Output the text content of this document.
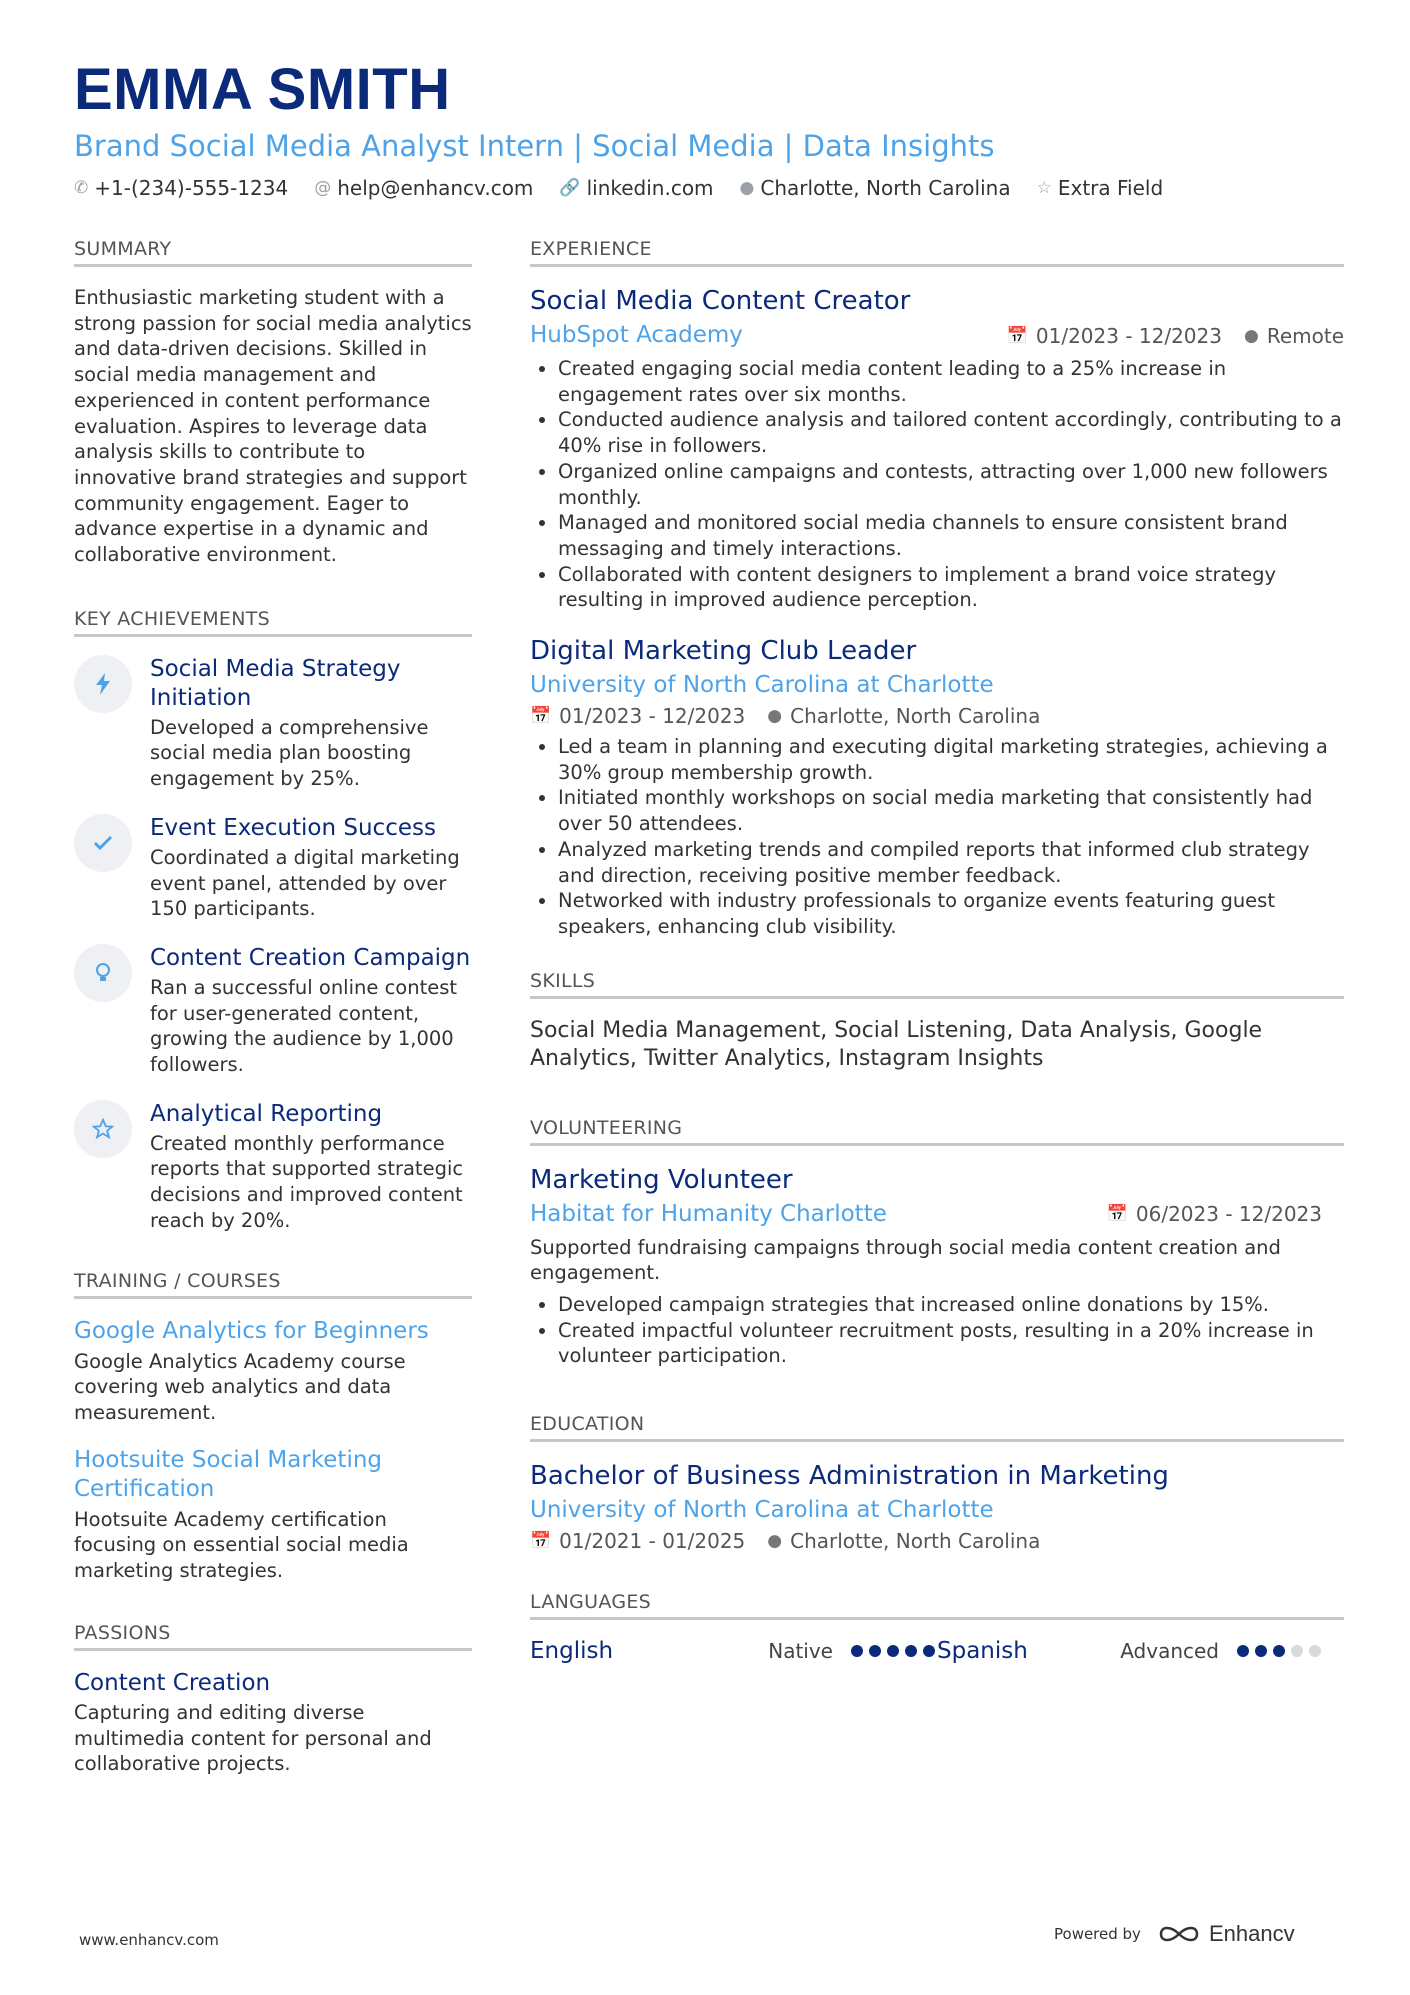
EMMA SMITH
Brand Social Media Analyst Intern | Social Media | Data Insights
✆ +1-(234)-555-1234 @ help@enhancv.com 🔗 linkedin.com ● Charlotte, North Carolina ☆ Extra Field
SUMMARY
Enthusiastic marketing student with a strong passion for social media analytics and data-driven decisions. Skilled in social media management and experienced in content performance evaluation. Aspires to leverage data analysis skills to contribute to innovative brand strategies and support community engagement. Eager to advance expertise in a dynamic and collaborative environment.
KEY ACHIEVEMENTS
Social Media Strategy Initiation
Developed a comprehensive social media plan boosting engagement by 25%.
Event Execution Success
Coordinated a digital marketing event panel, attended by over 150 participants.
Content Creation Campaign
Ran a successful online contest for user-generated content, growing the audience by 1,000 followers.
Analytical Reporting
Created monthly performance reports that supported strategic decisions and improved content reach by 20%.
TRAINING / COURSES
Google Analytics for Beginners
Google Analytics Academy course covering web analytics and data measurement.
Hootsuite Social Marketing Certification
Hootsuite Academy certification focusing on essential social media marketing strategies.
PASSIONS
Content Creation
Capturing and editing diverse multimedia content for personal and collaborative projects.
EXPERIENCE
Social Media Content Creator
HubSpot Academy	📅 01/2023 - 12/2023 ● Remote
• Created engaging social media content leading to a 25% increase in engagement rates over six months.
• Conducted audience analysis and tailored content accordingly, contributing to a 40% rise in followers.
• Organized online campaigns and contests, attracting over 1,000 new followers monthly.
• Managed and monitored social media channels to ensure consistent brand messaging and timely interactions.
• Collaborated with content designers to implement a brand voice strategy resulting in improved audience perception.
Digital Marketing Club Leader
University of North Carolina at Charlotte
📅 01/2023 - 12/2023 ● Charlotte, North Carolina
• Led a team in planning and executing digital marketing strategies, achieving a 30% group membership growth.
• Initiated monthly workshops on social media marketing that consistently had over 50 attendees.
• Analyzed marketing trends and compiled reports that informed club strategy and direction, receiving positive member feedback.
• Networked with industry professionals to organize events featuring guest speakers, enhancing club visibility.
SKILLS
Social Media Management, Social Listening, Data Analysis, Google Analytics, Twitter Analytics, Instagram Insights
VOLUNTEERING
Marketing Volunteer
Habitat for Humanity Charlotte	📅 06/2023 - 12/2023
Supported fundraising campaigns through social media content creation and engagement.
• Developed campaign strategies that increased online donations by 15%.
• Created impactful volunteer recruitment posts, resulting in a 20% increase in volunteer participation.
EDUCATION
Bachelor of Business Administration in Marketing
University of North Carolina at Charlotte
📅 01/2021 - 01/2025 ● Charlotte, North Carolina
LANGUAGES
English	Native	Spanish	Advanced
www.enhancv.com	Powered by	Enhancv
